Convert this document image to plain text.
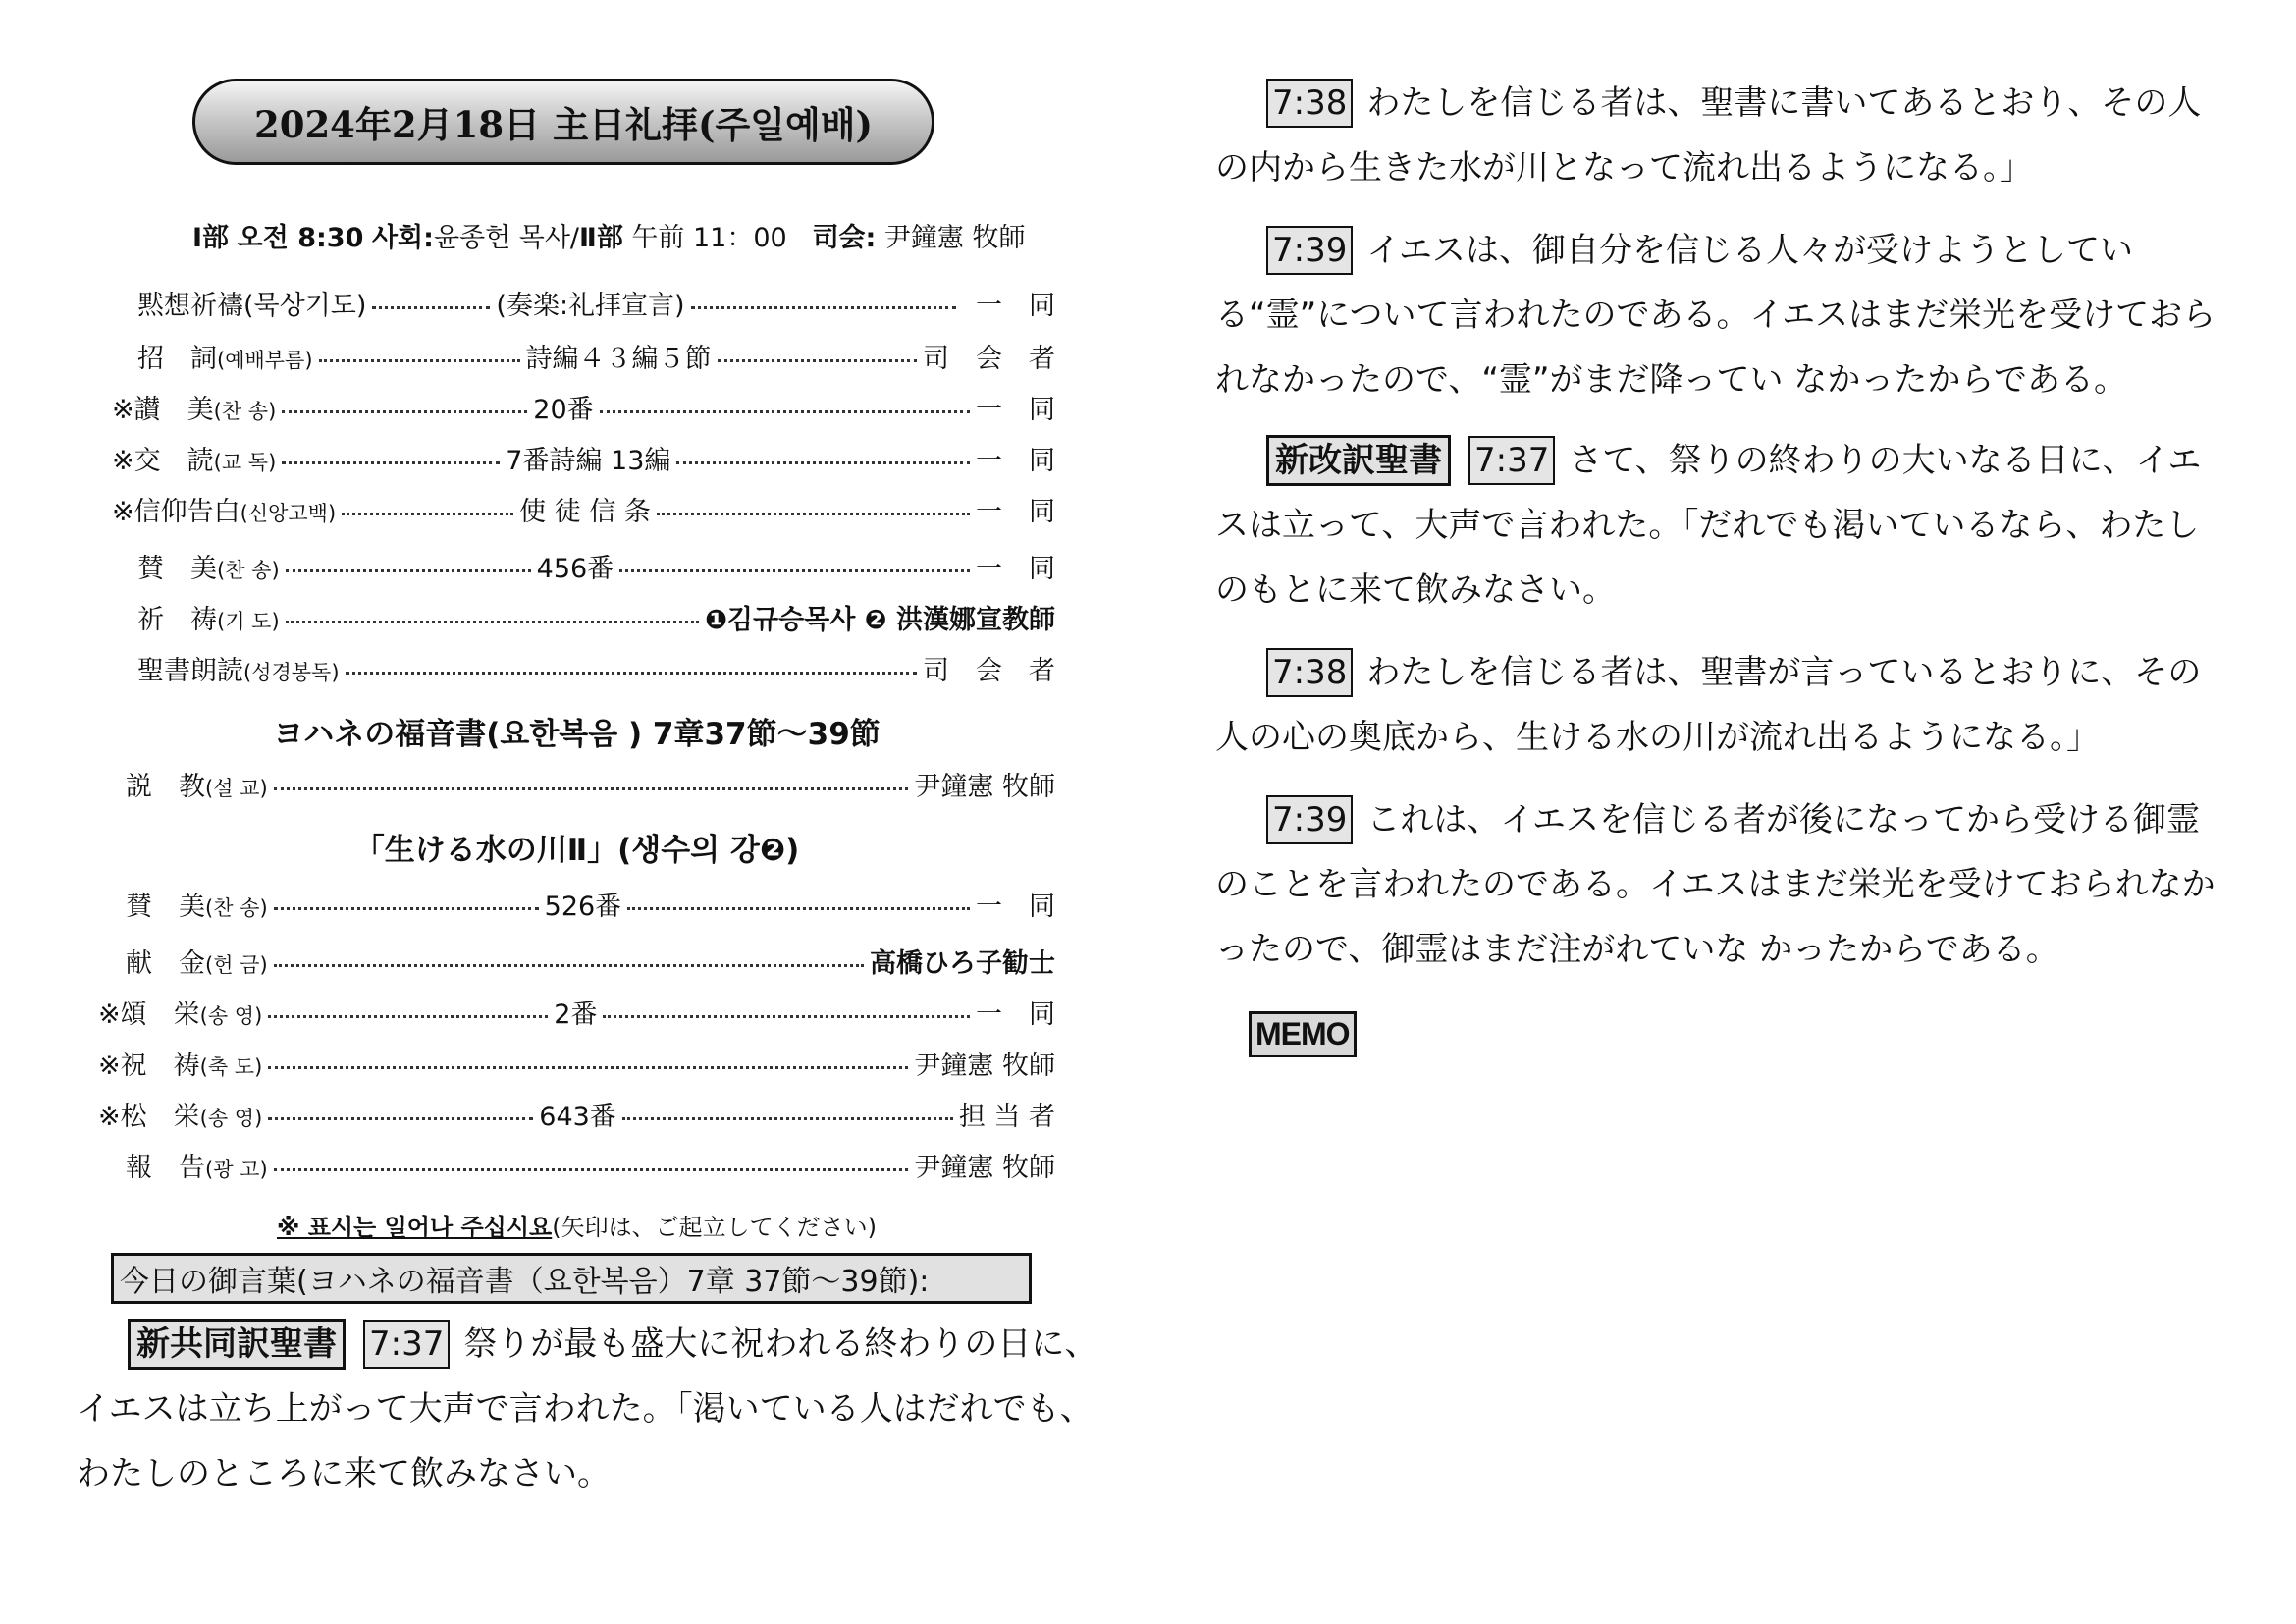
2024年2月18日 主日礼拝(주일예배)
Ⅰ部 오전 8:30 사회:윤종헌 목사/Ⅱ部 午前 11：00 司会: 尹鐘憲 牧師
黙想祈禱(묵상기도)	(奏楽:礼拝宣言)	一　同
招　詞(예배부름)	詩編４３編５節	司　会　者
※讃　美(찬 송)	20番	一　同
※交　読(교 독)	7番詩編 13編	一　同
※信仰告白(신앙고백)	使 徒 信 条	一　同
賛　美(찬 송)	456番	一　同
祈　祷(기 도)	❶김규승목사 ❷ 洪漢娜宣教師
聖書朗読(성경봉독)	司　会　者
ヨハネの福音書(요한복음 ) 7章37節～39節
説　教(설 교)	尹鐘憲 牧師
「生ける水の川Ⅱ」(생수의 강❷)
賛　美(찬 송)	526番	一　同
献　金(헌 금)	高橋ひろ子勧士
※頌　栄(송 영)	2番	一　同
※祝　祷(축 도)	尹鐘憲 牧師
※松　栄(송 영)	643番	担 当 者
報　告(광 고)	尹鐘憲 牧師
※ 표시는 일어나 주십시요(矢印は、ご起立してください)
今日の御言葉(ヨハネの福音書（요한복음）7章 37節～39節):
新共同訳聖書 7:37 祭りが最も盛大に祝われる終わりの日に、イエスは立ち上がって大声で言われた。「渇いている人はだれでも、わたしのところに来て飲みなさい。
7:38 わたしを信じる者は、聖書に書いてあるとおり、その人の内から生きた水が川となって流れ出るようになる。」
7:39 イエスは、御自分を信じる人々が受けようとしている“霊”について言われたのである。イエスはまだ栄光を受けておられなかったので、“霊”がまだ降ってい なかったからである。
新改訳聖書 7:37 さて、祭りの終わりの大いなる日に、イエスは立って、大声で言われた。「だれでも渇いているなら、わたしのもとに来て飲みなさい。
7:38 わたしを信じる者は、聖書が言っているとおりに、その人の心の奥底から、生ける水の川が流れ出るようになる。」
7:39 これは、イエスを信じる者が後になってから受ける御霊のことを言われたのである。イエスはまだ栄光を受けておられなかったので、御霊はまだ注がれていな かったからである。
MEMO
